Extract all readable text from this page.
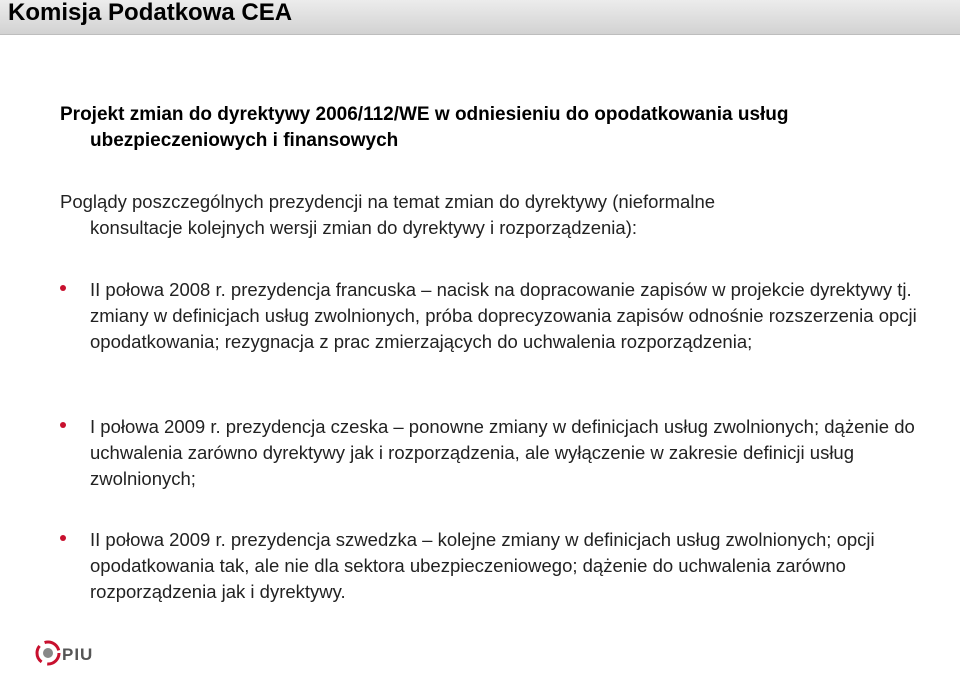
Komisja Podatkowa CEA
Projekt zmian do dyrektywy 2006/112/WE w odniesieniu do opodatkowania usług
ubezpieczeniowych i finansowych
Poglądy poszczególnych prezydencji na temat zmian do dyrektywy (nieformalne
konsultacje kolejnych wersji zmian do dyrektywy i rozporządzenia):
II połowa 2008 r. prezydencja francuska – nacisk na dopracowanie zapisów w projekcie dyrektywy tj. zmiany w definicjach usług zwolnionych, próba doprecyzowania zapisów odnośnie rozszerzenia opcji opodatkowania; rezygnacja z prac zmierzających do uchwalenia rozporządzenia;
I połowa 2009 r. prezydencja czeska – ponowne zmiany w definicjach usług zwolnionych; dążenie do uchwalenia zarówno dyrektywy jak i rozporządzenia, ale wyłączenie w zakresie definicji usług zwolnionych;
II połowa 2009 r. prezydencja szwedzka – kolejne zmiany w definicjach usług zwolnionych; opcji opodatkowania tak, ale nie dla sektora ubezpieczeniowego; dążenie do uchwalenia zarówno rozporządzenia jak i dyrektywy.
PIU
